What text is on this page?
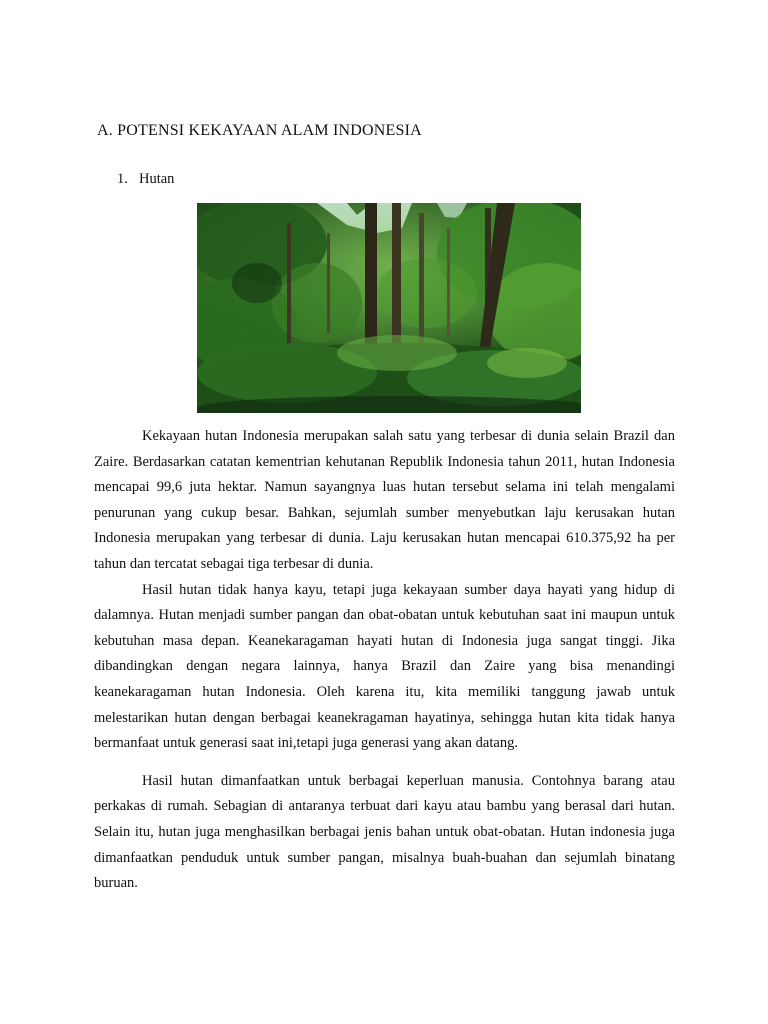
A. POTENSI KEKAYAAN ALAM INDONESIA
1. Hutan

Kekayaan hutan Indonesia merupakan salah satu yang terbesar di dunia selain Brazil dan Zaire. Berdasarkan catatan kementrian kehutanan Republik Indonesia tahun 2011, hutan Indonesia mencapai 99,6 juta hektar. Namun sayangnya luas hutan tersebut selama ini telah mengalami penurunan yang cukup besar. Bahkan, sejumlah sumber menyebutkan laju kerusakan hutan Indonesia merupakan yang terbesar di dunia. Laju kerusakan hutan mencapai 610.375,92 ha per tahun dan tercatat sebagai tiga terbesar di dunia.

Hasil hutan tidak hanya kayu, tetapi juga kekayaan sumber daya hayati yang hidup di dalamnya. Hutan menjadi sumber pangan dan obat-obatan untuk kebutuhan saat ini maupun untuk kebutuhan masa depan. Keanekaragaman hayati hutan di Indonesia juga sangat tinggi. Jika dibandingkan dengan negara lainnya, hanya Brazil dan Zaire yang bisa menandingi keanekaragaman hutan Indonesia. Oleh karena itu, kita memiliki tanggung jawab untuk melestarikan hutan dengan berbagai keanekragaman hayatinya, sehingga hutan kita tidak hanya bermanfaat untuk generasi saat ini,tetapi juga generasi yang akan datang.

Hasil hutan dimanfaatkan untuk berbagai keperluan manusia. Contohnya barang atau perkakas di rumah. Sebagian di antaranya terbuat dari kayu atau bambu yang berasal dari hutan. Selain itu, hutan juga menghasilkan berbagai jenis bahan untuk obat-obatan. Hutan indonesia juga dimanfaatkan penduduk untuk sumber pangan, misalnya buah-buahan dan sejumlah binatang buruan.
